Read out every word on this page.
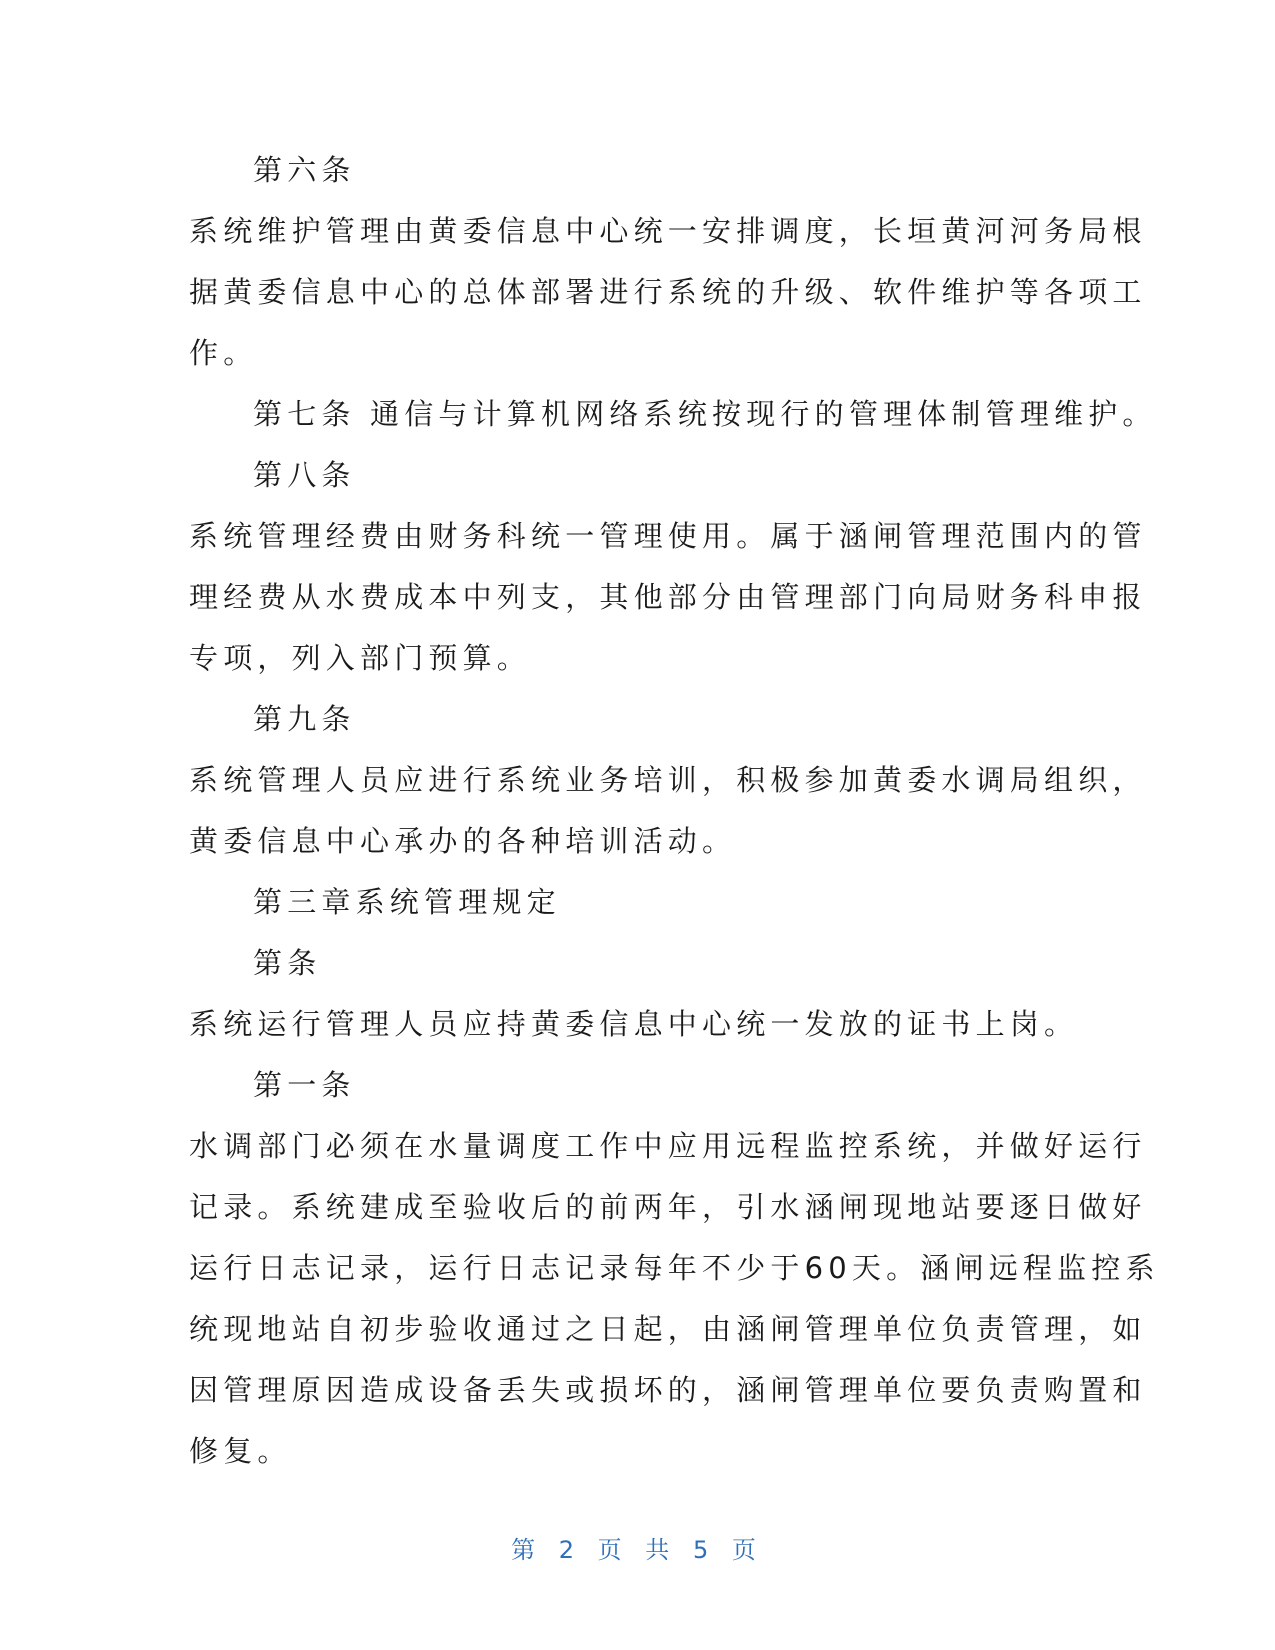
第六条
系统维护管理由黄委信息中心统一安排调度，长垣黄河河务局根
据黄委信息中心的总体部署进行系统的升级、软件维护等各项工
作。
第七条 通信与计算机网络系统按现行的管理体制管理维护。
第八条
系统管理经费由财务科统一管理使用。属于涵闸管理范围内的管
理经费从水费成本中列支，其他部分由管理部门向局财务科申报
专项，列入部门预算。
第九条
系统管理人员应进行系统业务培训，积极参加黄委水调局组织，
黄委信息中心承办的各种培训活动。
第三章系统管理规定
第条
系统运行管理人员应持黄委信息中心统一发放的证书上岗。
第一条
水调部门必须在水量调度工作中应用远程监控系统，并做好运行
记录。系统建成至验收后的前两年，引水涵闸现地站要逐日做好
运行日志记录，运行日志记录每年不少于60天。涵闸远程监控系
统现地站自初步验收通过之日起，由涵闸管理单位负责管理，如
因管理原因造成设备丢失或损坏的，涵闸管理单位要负责购置和
修复。
第 2 页 共 5 页
